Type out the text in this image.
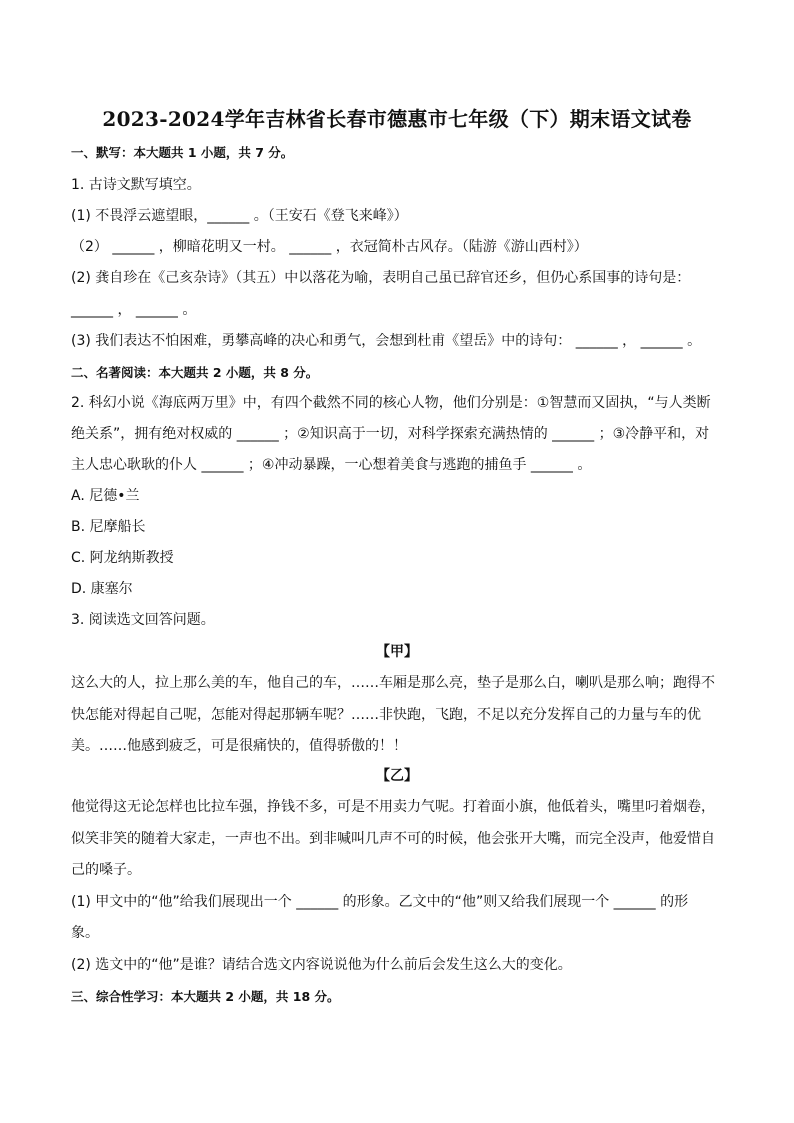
2023-2024学年吉林省长春市德惠市七年级（下）期末语文试卷
一、默写：本大题共 1 小题，共 7 分。
1. 古诗文默写填空。
(1) 不畏浮云遮望眼，______ 。（王安石《登飞来峰》）
（2） ______ ，柳暗花明又一村。 ______ ，衣冠简朴古风存。（陆游《游山西村》）
(2) 龚自珍在《己亥杂诗》（其五）中以落花为喻，表明自己虽已辞官还乡，但仍心系国事的诗句是：
______ ， ______ 。
(3) 我们表达不怕困难，勇攀高峰的决心和勇气，会想到杜甫《望岳》中的诗句： ______ ， ______ 。
二、名著阅读：本大题共 2 小题，共 8 分。
2. 科幻小说《海底两万里》中，有四个截然不同的核心人物，他们分别是：①智慧而又固执，“与人类断
绝关系”，拥有绝对权威的 ______ ；②知识高于一切，对科学探索充满热情的 ______ ；③冷静平和，对
主人忠心耿耿的仆人 ______ ；④冲动暴躁，一心想着美食与逃跑的捕鱼手 ______ 。
A. 尼德•兰
B. 尼摩船长
C. 阿龙纳斯教授
D. 康塞尔
3. 阅读选文回答问题。
【甲】
这么大的人，拉上那么美的车，他自己的车，……车厢是那么亮，垫子是那么白，喇叭是那么响；跑得不
快怎能对得起自己呢，怎能对得起那辆车呢？……非快跑，飞跑，不足以充分发挥自己的力量与车的优
美。……他感到疲乏，可是很痛快的，值得骄傲的！！
【乙】
他觉得这无论怎样也比拉车强，挣钱不多，可是不用卖力气呢。打着面小旗，他低着头，嘴里叼着烟卷，
似笑非笑的随着大家走，一声也不出。到非喊叫几声不可的时候，他会张开大嘴，而完全没声，他爱惜自
己的嗓子。
(1) 甲文中的“他”给我们展现出一个 ______ 的形象。乙文中的“他”则又给我们展现一个 ______ 的形
象。
(2) 选文中的“他”是谁？请结合选文内容说说他为什么前后会发生这么大的变化。
三、综合性学习：本大题共 2 小题，共 18 分。
